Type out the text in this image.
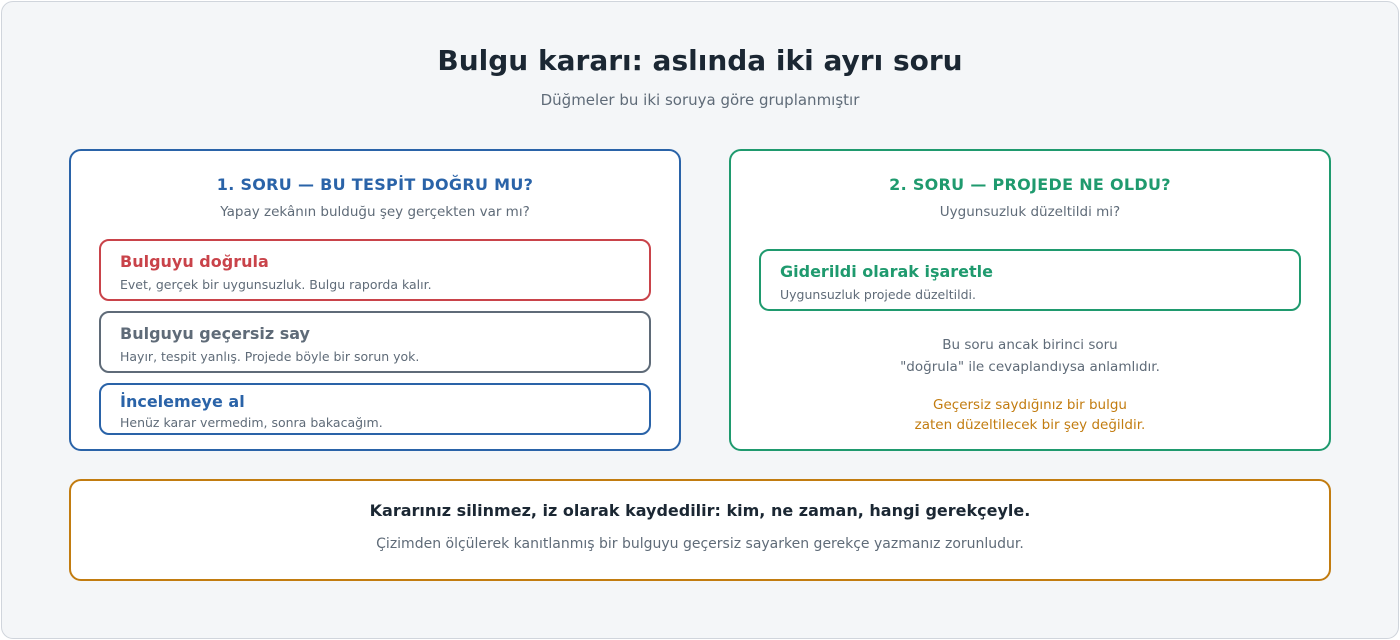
Bulgu kararı: aslında iki ayrı soru
Düğmeler bu iki soruya göre gruplanmıştır
1. SORU — BU TESPİT DOĞRU MU?
Yapay zekânın bulduğu şey gerçekten var mı?
Bulguyu doğrula
Evet, gerçek bir uygunsuzluk. Bulgu raporda kalır.
Bulguyu geçersiz say
Hayır, tespit yanlış. Projede böyle bir sorun yok.
İncelemeye al
Henüz karar vermedim, sonra bakacağım.
2. SORU — PROJEDE NE OLDU?
Uygunsuzluk düzeltildi mi?
Giderildi olarak işaretle
Uygunsuzluk projede düzeltildi.
Bu soru ancak birinci soru
"doğrula" ile cevaplandıysa anlamlıdır.
Geçersiz saydığınız bir bulgu
zaten düzeltilecek bir şey değildir.
Kararınız silinmez, iz olarak kaydedilir: kim, ne zaman, hangi gerekçeyle.
Çizimden ölçülerek kanıtlanmış bir bulguyu geçersiz sayarken gerekçe yazmanız zorunludur.
